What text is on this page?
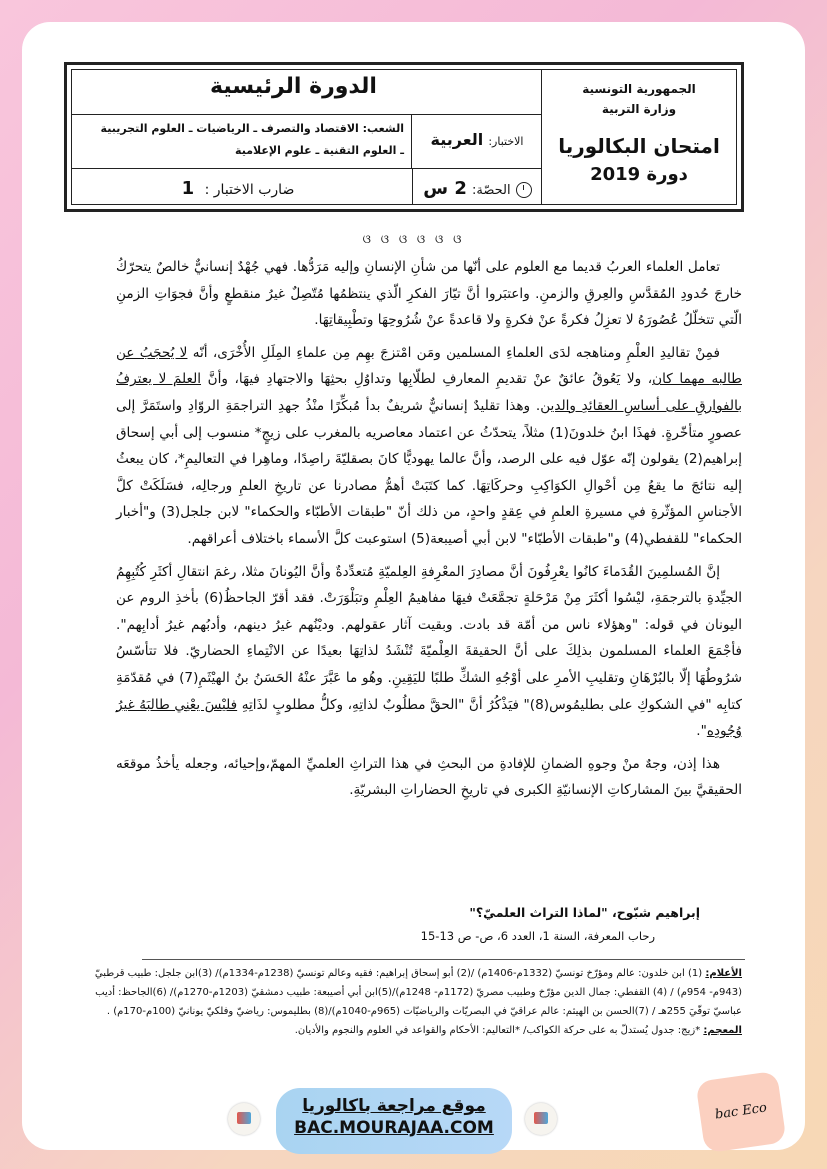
الجمهورية التونسية
وزارة التربية
امتحان البكالوريا
دورة 2019
الدورة الرئيسية
الاختبار: العربية
الشعب: الاقتصاد والتصرف ـ الرياضيات ـ العلوم التجريبية
ـ العلوم التقنية ـ علوم الإعلامية
الحصّة: 2 س
ضارب الاختبار : 1
ଓ ଓ ଓ ଓ ଓ ଓ

تعامل العلماء العربُ قديما مع العلوم على أنّها من شأنِ الإنسانِ وإليه مَرَدُّها. فهي جُهْدٌ إنسانيٌّ خالصٌ يتحرّكُ خارجَ حُدودِ المُقدَّسِ والعِرقِ والزمنِ. واعتبَروا أنَّ تيّارَ الفكرِ الّذي ينتظمُها مُتّصِلٌ غيرُ منقطعٍ وأنَّ فجوَاتِ الزمنِ الّتي تتخلّلُ عُصُورَهُ لا تعزِلُ فكرةً عنْ فكرةٍ ولا قاعدةً عنْ شُرُوحِهَا وتطْبِيقاتِهَا.

فمِنْ تقاليدِ العلْمِ ومناهجه لدَى العلماءِ المسلمين ومَن امْتزجَ بهِم مِن علماءِ المِلَلِ الأُخْرَى، أنّه لا يُحجَبُ عن طالبه مهما كان، ولا يَعُوقُ عائقٌ عنْ تقديمِ المعارفِ لطلّابِها وتداوُلِ بحثِهَا والاجتهادِ فيهَا، وأنَّ العلمَ لا يعترفُ بالفوارقِ على أساسِ العقائدِ والدين. وهذا تقليدٌ إنسانيٌّ شريفٌ بدأ مُبكِّرًا منْذُ جهدِ التراجمَةِ الروّادِ واستَمَرَّ إلى عصورٍ متأخّرةٍ. فهذَا ابنُ خلدونَ(1) مثلاً، يتحدّثُ عن اعتماد معاصريه بالمغرب على زيجٍ* منسوب إلى أبي إسحاق إبراهيم(2) يقولون إنّه عوّل فيه على الرصد، وأنَّ عالما يهوديًّا كانَ بصقليّةَ راصِدًا، وماهِرا في التعاليمِ*، كان يبعثُ إليه نتائجَ ما يقعُ مِن أحْوالِ الكوَاكِبِ وحركَاتِهَا. كما كتَبَتْ أهمُّ مصادرنا عن تاريخِ العلمِ ورجالِه، فسَلَكَتْ كلَّ الأجناسِ المؤثّرةِ في مسيرةِ العلمِ في عِقدٍ واحدٍ، من ذلك أنّ "طبقات الأطبّاء والحكماء" لابن جلجل(3) و"أخبار الحكماء" للقفطي(4) و"طبقات الأطبّاء" لابن أبي أصيبعة(5) استوعبت كلَّ الأسماء باختلاف أعراقهم.

إنَّ المُسلمِينَ القُدَماءَ كانُوا يعْرِفُونَ أنَّ مصادِرَ المعْرِفةِ العِلميّةِ مُتعدِّدةٌ وأنَّ اليُونانَ مثلا، رغمَ انتقالِ أكثَرِ كُتُبِهِمُ الجيِّدةِ بالترجمَةِ، ليْسُوا أكثَرَ مِنْ مَرْحَلةٍ تجمَّعَتْ فيهَا مفاهيمُ العِلْمِ وتبَلْوَرَتْ. فقد أقرّ الجاحظُ(6) بأخذِ الروم عن اليونان في قوله: "وهؤلاء ناس من أمّة قد بادت. وبقيت آثار عقولهم. وديْنُهم غيرُ دينهم، وأدبُهم غيرُ أدابِهم". فأجْمَعَ العلماء المسلمون بذلِكَ على أنَّ الحقيقةَ العِلْميّةَ تُنْشَدُ لذاتِهَا بعيدًا عن الانْتِماءِ الحضاريّ. فلا تتأسّسُ شرُوطُهَا إلّا بالبُرْهَانِ وتقليبِ الأمرِ على أوْجُهِ الشكِّ طلبًا لليَقِينِ. وهُو ما عَبَّرَ عنْهُ الحَسَنُ بنُ الهيْثَمِ(7) في مُقدّمَةِ كتابِه "في الشكوكِ على بطليمُوس(8)" فيَذْكُرُ أنَّ "الحقَّ مطلُوبٌ لذاتِهِ، وكلُّ مطلوبٍ لذَاتِهِ فليْسَ يعْنِي طالبَهُ غيرُ وُجُودِه".

هذا إذن، وجهٌ منْ وجوهِ الضمانِ للإفادةِ من البحثِ في هذا التراثِ العلميِّ المهمّ،وإحيائه، وجعله يأخذُ موقعَه الحقيقيَّ بينَ المشاركاتِ الإنسانيّةِ الكبرى في تاريخِ الحضاراتِ البشريّةِ.

إبراهيم شبّوح، "لماذا التراث العلميّ؟"
رحاب المعرفة، السنة 1، العدد 6، ص- ص 13-15
الأعلام: (1) ابن خلدون: عالم ومؤرّخ تونسيّ (1332م-1406م) /(2) أبو إسحاق إبراهيم: فقيه وعالم تونسيّ (1238م-1334م)/ (3)ابن جلجل: طبيب قرطبيّ (943م- 954م) / (4) القفطي: جمال الدين مؤرّخ وطبيب مصريّ (1172م- 1248م)/(5)ابن أبي أصيبعة: طبيب دمشقيّ (1203م-1270م)/ (6)الجاحظ: أديب عباسيّ توفّيَ 255هـ / (7)الحسن بن الهيثم: عالم عراقيّ في البصريّات والرياضيّات (965م-1040م)/(8) بطليموس: رياضيّ وفلكيّ يونانيّ (100م-170م) .
المعجم: *زيج: جدول يُستدلّ به على حركة الكواكب/ *التعاليم: الأحكام والقواعد في العلوم والنجوم والأديان.
موقع مراجعة باكالوريا
BAC.MOURAJAA.COM
bac Eco
